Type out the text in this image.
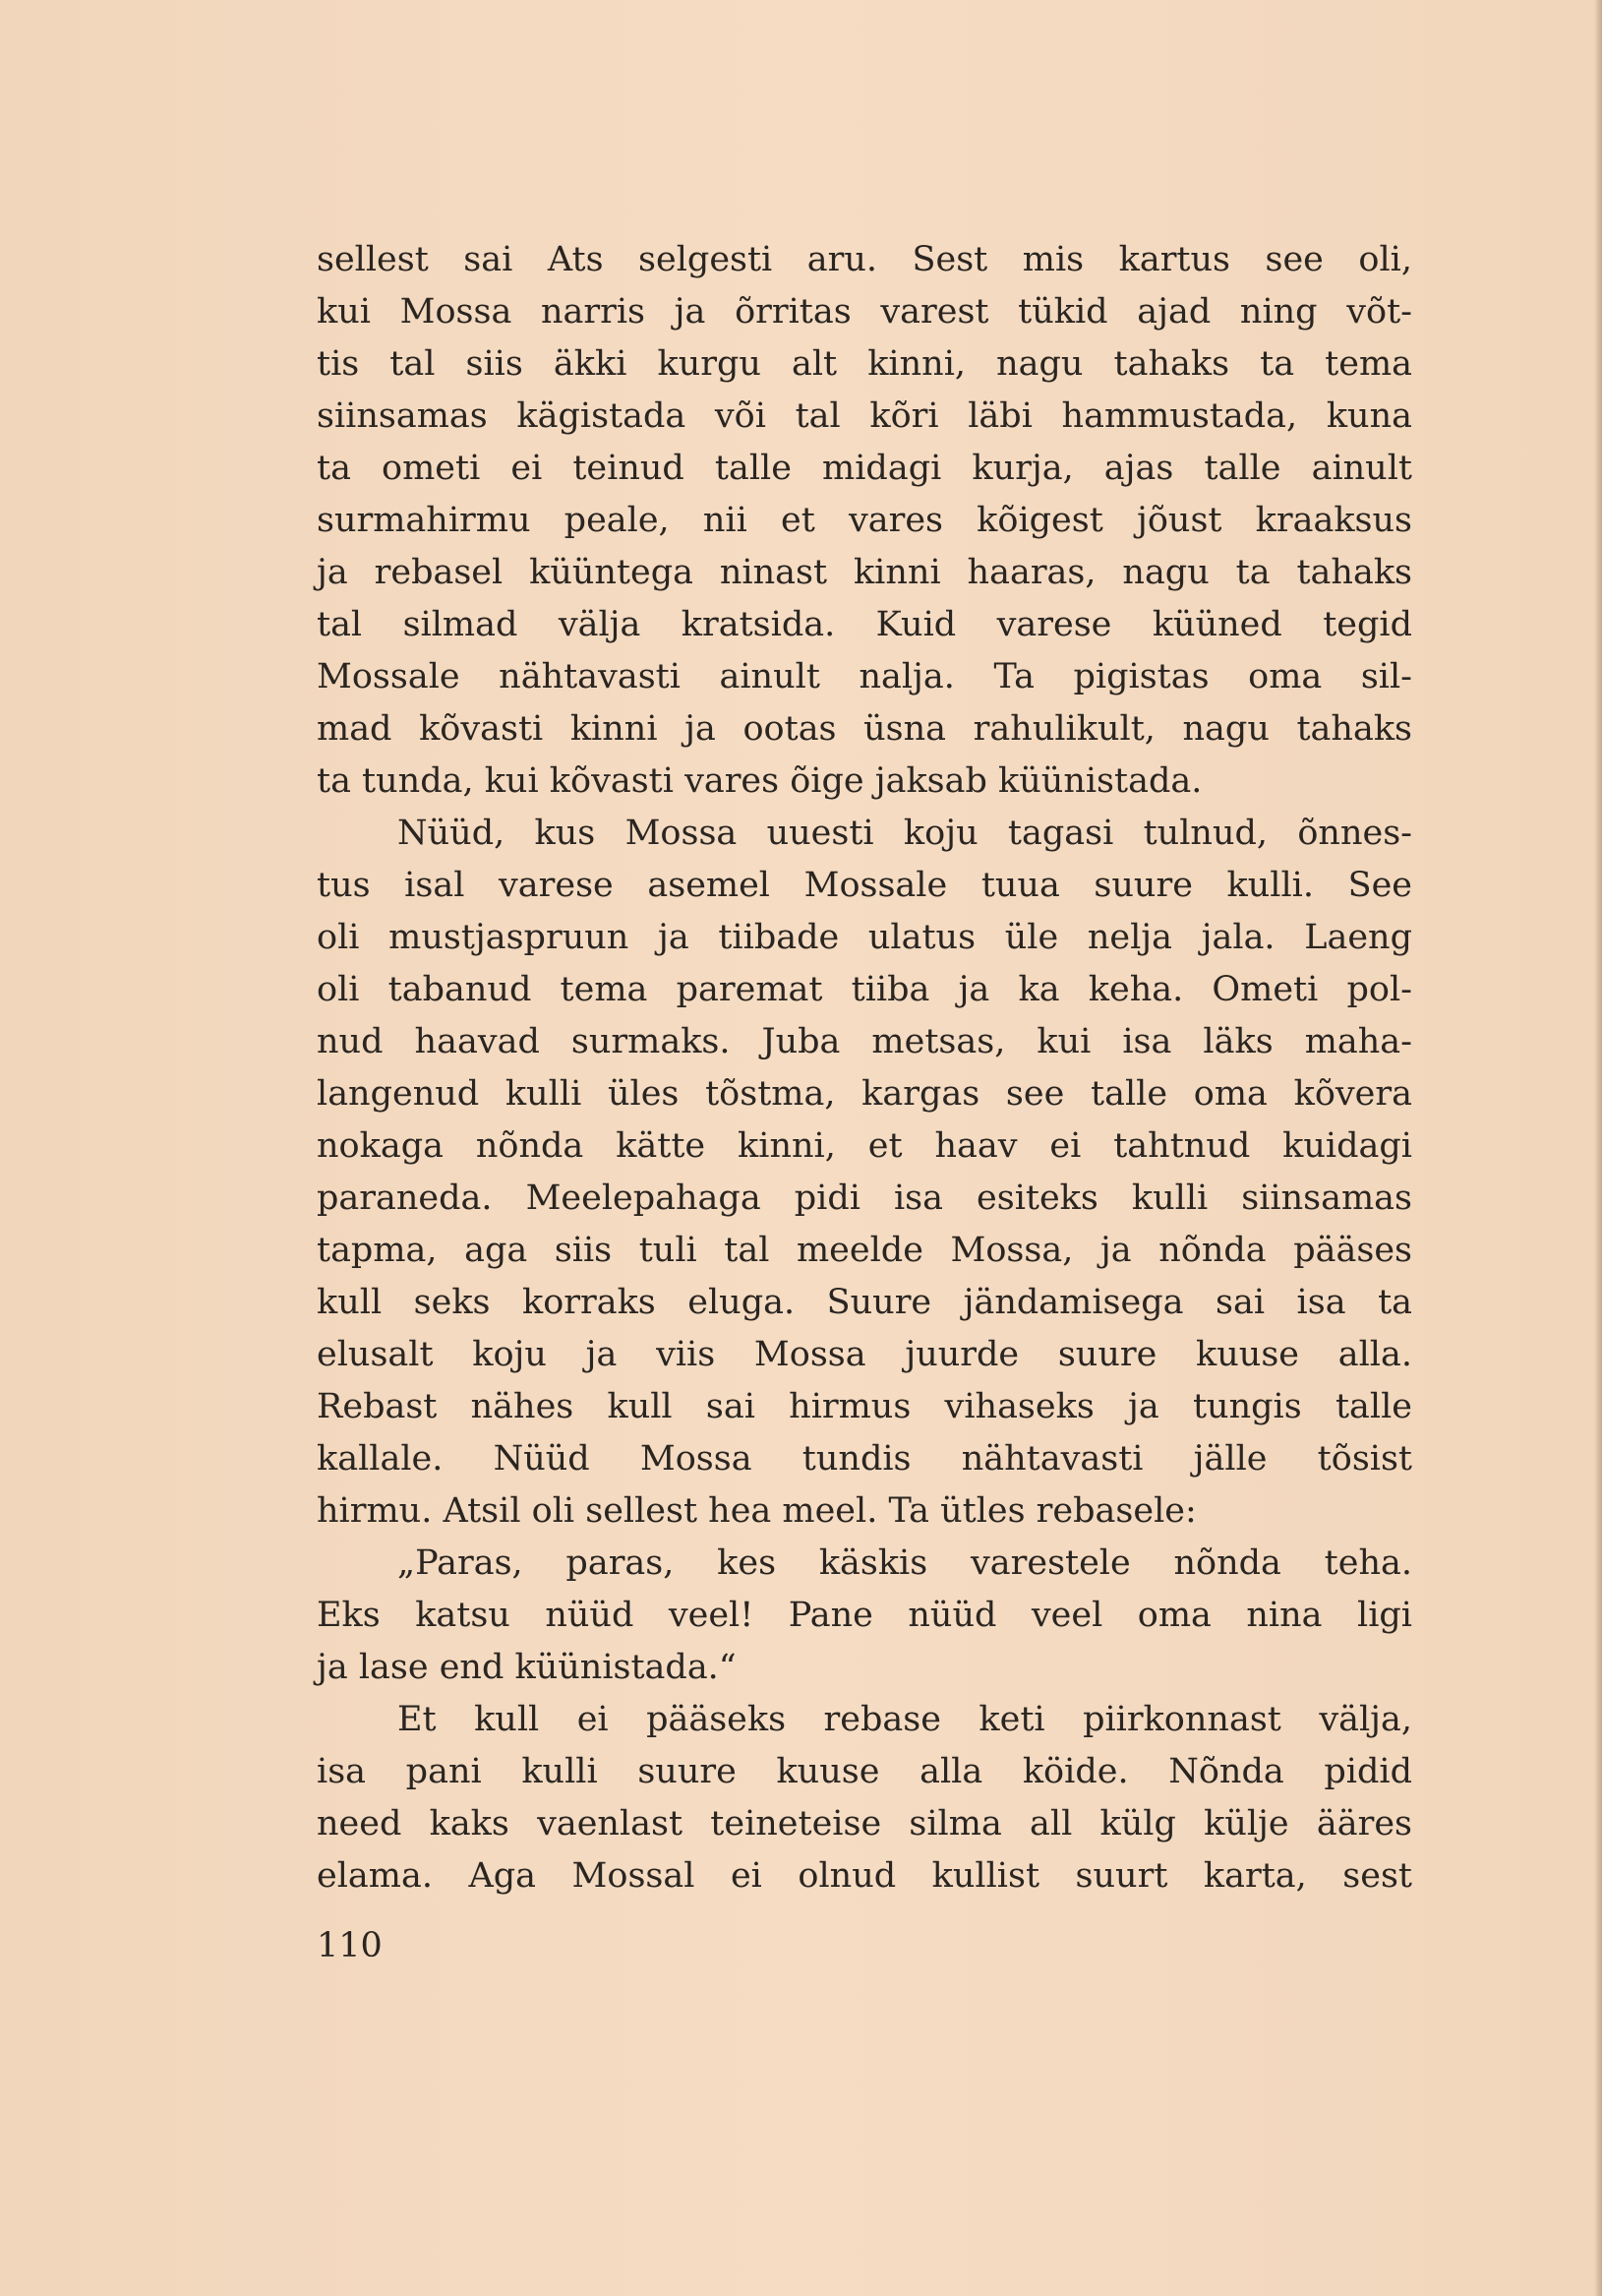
sellest sai Ats selgesti aru. Sest mis kartus see oli,
kui Mossa narris ja õrritas varest tükid ajad ning võt-
tis tal siis äkki kurgu alt kinni, nagu tahaks ta tema
siinsamas kägistada või tal kõri läbi hammustada, kuna
ta ometi ei teinud talle midagi kurja, ajas talle ainult
surmahirmu peale, nii et vares kõigest jõust kraaksus
ja rebasel küüntega ninast kinni haaras, nagu ta tahaks
tal silmad välja kratsida. Kuid varese küüned tegid
Mossale nähtavasti ainult nalja. Ta pigistas oma sil-
mad kõvasti kinni ja ootas üsna rahulikult, nagu tahaks
ta tunda, kui kõvasti vares õige jaksab küünistada.
Nüüd, kus Mossa uuesti koju tagasi tulnud, õnnes-
tus isal varese asemel Mossale tuua suure kulli. See
oli mustjaspruun ja tiibade ulatus üle nelja jala. Laeng
oli tabanud tema paremat tiiba ja ka keha. Ometi pol-
nud haavad surmaks. Juba metsas, kui isa läks maha-
langenud kulli üles tõstma, kargas see talle oma kõvera
nokaga nõnda kätte kinni, et haav ei tahtnud kuidagi
paraneda. Meelepahaga pidi isa esiteks kulli siinsamas
tapma, aga siis tuli tal meelde Mossa, ja nõnda pääses
kull seks korraks eluga. Suure jändamisega sai isa ta
elusalt koju ja viis Mossa juurde suure kuuse alla.
Rebast nähes kull sai hirmus vihaseks ja tungis talle
kallale. Nüüd Mossa tundis nähtavasti jälle tõsist
hirmu. Atsil oli sellest hea meel. Ta ütles rebasele:
„Paras, paras, kes käskis varestele nõnda teha.
Eks katsu nüüd veel! Pane nüüd veel oma nina ligi
ja lase end küünistada.“
Et kull ei pääseks rebase keti piirkonnast välja,
isa pani kulli suure kuuse alla köide. Nõnda pidid
need kaks vaenlast teineteise silma all külg külje ääres
elama. Aga Mossal ei olnud kullist suurt karta, sest
110
